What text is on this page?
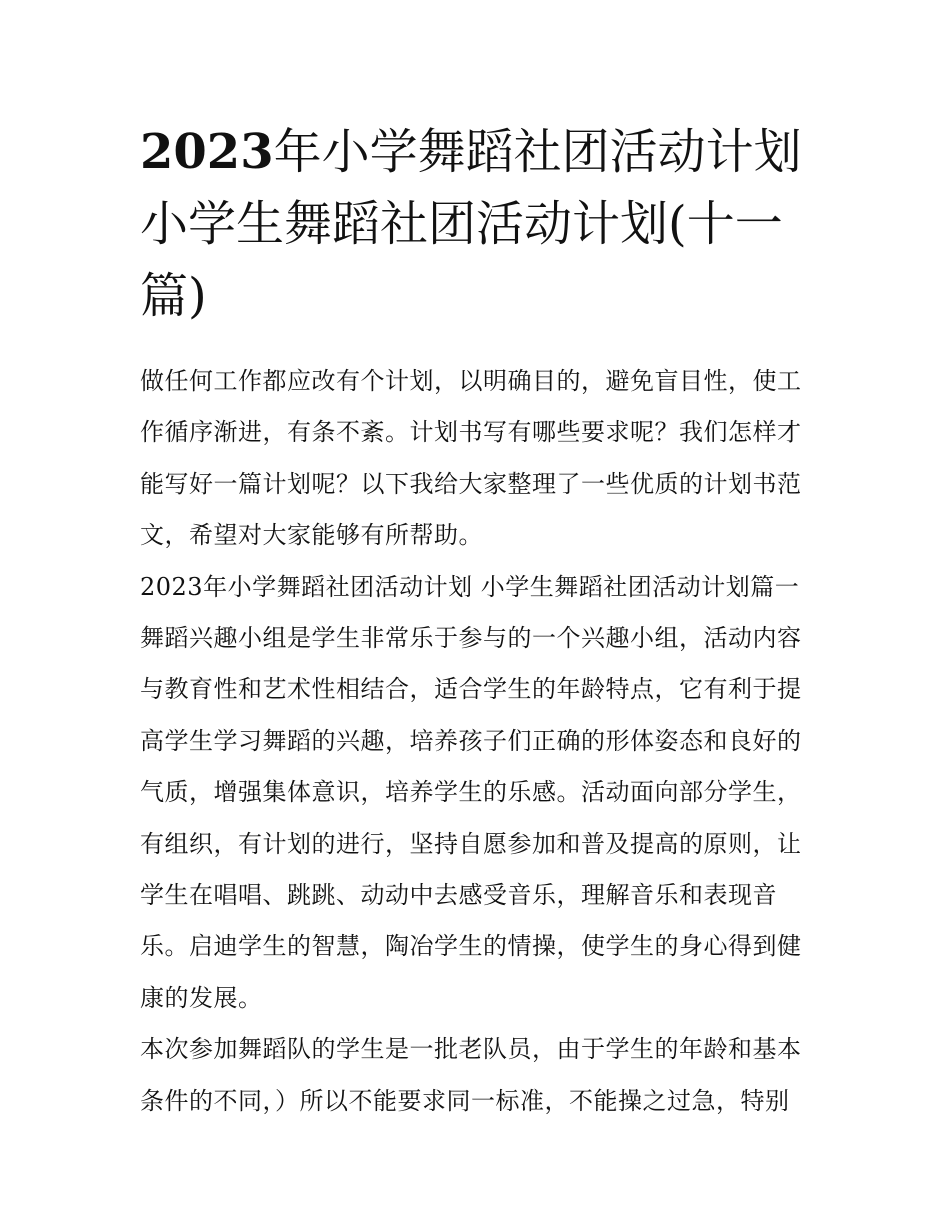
2023年小学舞蹈社团活动计划
小学生舞蹈社团活动计划(十一
篇)

做任何工作都应改有个计划，以明确目的，避免盲目性，使工
作循序渐进，有条不紊。计划书写有哪些要求呢？我们怎样才
能写好一篇计划呢？以下我给大家整理了一些优质的计划书范
文，希望对大家能够有所帮助。

2023年小学舞蹈社团活动计划 小学生舞蹈社团活动计划篇一

舞蹈兴趣小组是学生非常乐于参与的一个兴趣小组，活动内容
与教育性和艺术性相结合，适合学生的年龄特点，它有利于提
高学生学习舞蹈的兴趣，培养孩子们正确的形体姿态和良好的
气质，增强集体意识，培养学生的乐感。活动面向部分学生，
有组织，有计划的进行，坚持自愿参加和普及提高的原则，让
学生在唱唱、跳跳、动动中去感受音乐，理解音乐和表现音
乐。启迪学生的智慧，陶冶学生的情操，使学生的身心得到健
康的发展。

本次参加舞蹈队的学生是一批老队员，由于学生的年龄和基本
条件的不同，）所以不能要求同一标准，不能操之过急，特别
